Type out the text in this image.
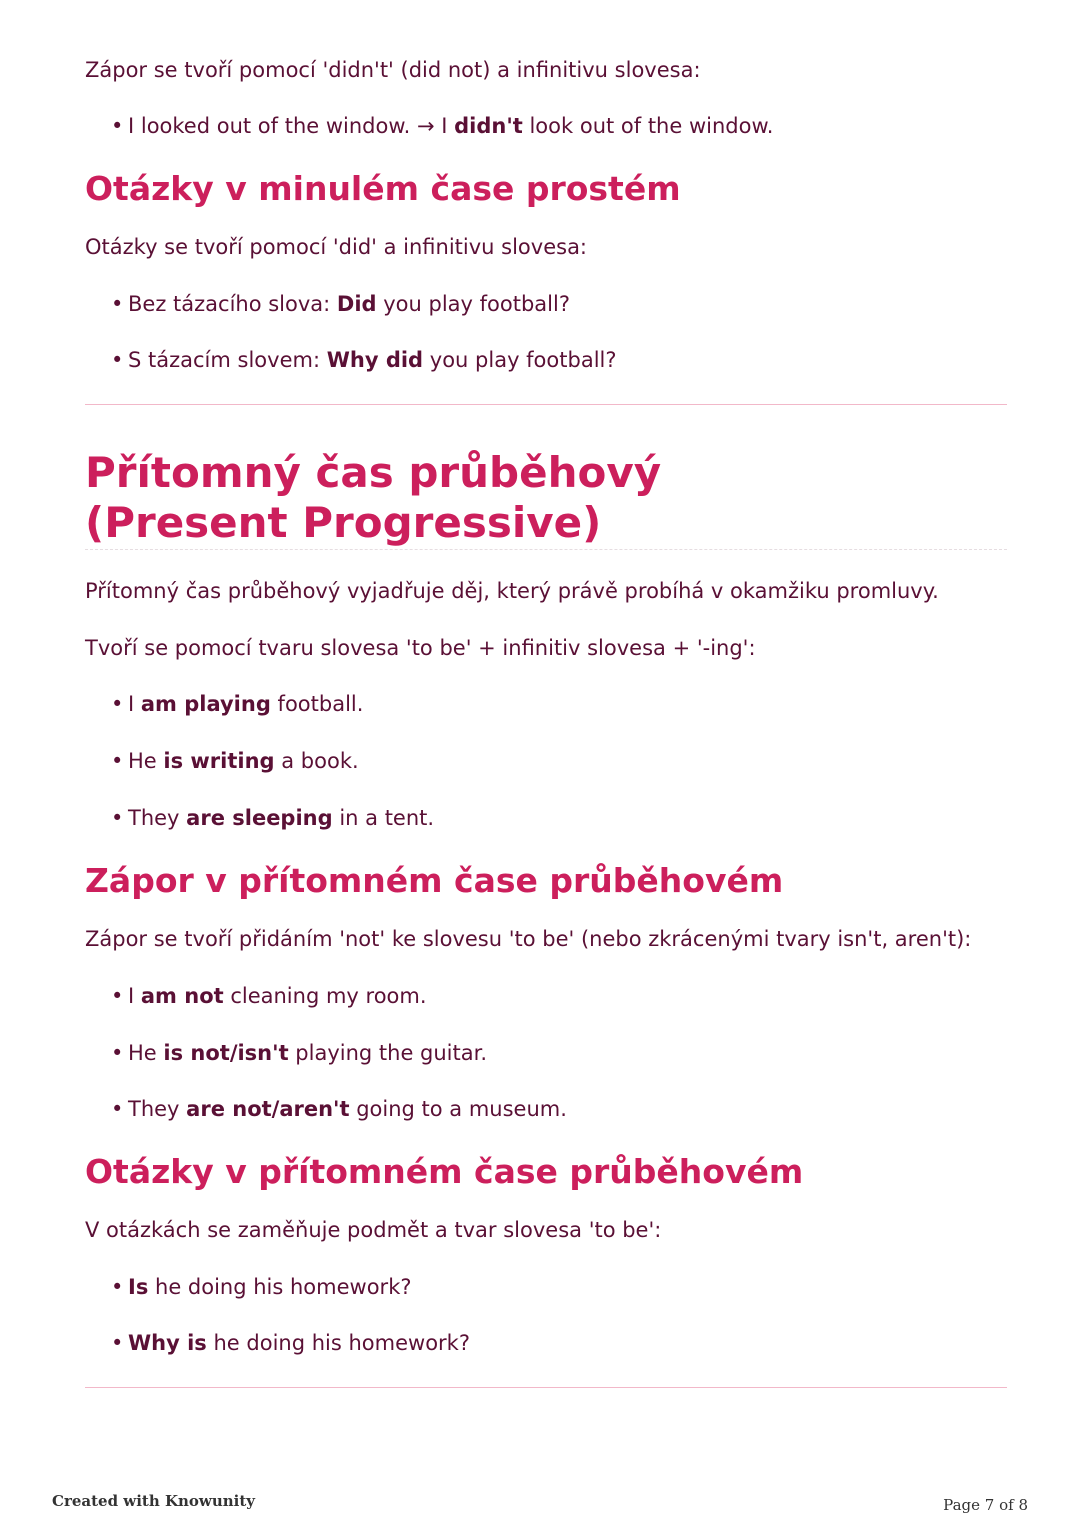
Zápor se tvoří pomocí 'didn't' (did not) a infinitivu slovesa:

• I looked out of the window. → I didn't look out of the window.

Otázky v minulém čase prostém

Otázky se tvoří pomocí 'did' a infinitivu slovesa:

• Bez tázacího slova: Did you play football?

• S tázacím slovem: Why did you play football?

Přítomný čas průběhový (Present Progressive)

Přítomný čas průběhový vyjadřuje děj, který právě probíhá v okamžiku promluvy.

Tvoří se pomocí tvaru slovesa 'to be' + infinitiv slovesa + '-ing':

• I am playing football.

• He is writing a book.

• They are sleeping in a tent.

Zápor v přítomném čase průběhovém

Zápor se tvoří přidáním 'not' ke slovesu 'to be' (nebo zkrácenými tvary isn't, aren't):

• I am not cleaning my room.

• He is not/isn't playing the guitar.

• They are not/aren't going to a museum.

Otázky v přítomném čase průběhovém

V otázkách se zaměňuje podmět a tvar slovesa 'to be':

• Is he doing his homework?

• Why is he doing his homework?

Created with Knowunity	Page 7 of 8
